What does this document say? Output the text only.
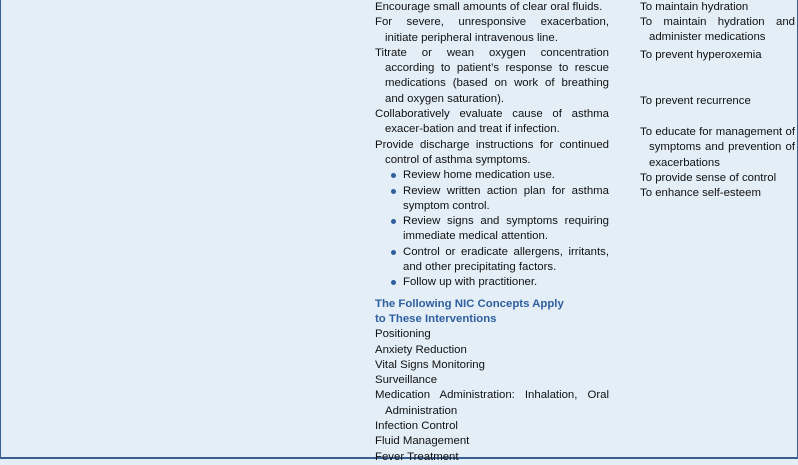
Encourage small amounts of clear oral fluids.
For severe, unresponsive exacerbation, initiate peripheral intravenous line.
Titrate or wean oxygen concentration according to patient’s response to rescue medications (based on work of breathing and oxygen saturation).
Collaboratively evaluate cause of asthma exacer-bation and treat if infection.
Provide discharge instructions for continued control of asthma symptoms.
Review home medication use.
Review written action plan for asthma symptom control.
Review signs and symptoms requiring immediate medical attention.
Control or eradicate allergens, irritants, and other precipitating factors.
Follow up with practitioner.
The Following NIC Concepts Apply
to These Interventions
Positioning
Anxiety Reduction
Vital Signs Monitoring
Surveillance
Medication Administration: Inhalation, Oral Administration
Infection Control
Fluid Management
Fever Treatment
To maintain hydration
To maintain hydration and administer medications
To prevent hyperoxemia
To prevent recurrence
To educate for management of symptoms and prevention of exacerbations
To provide sense of control
To enhance self-esteem
